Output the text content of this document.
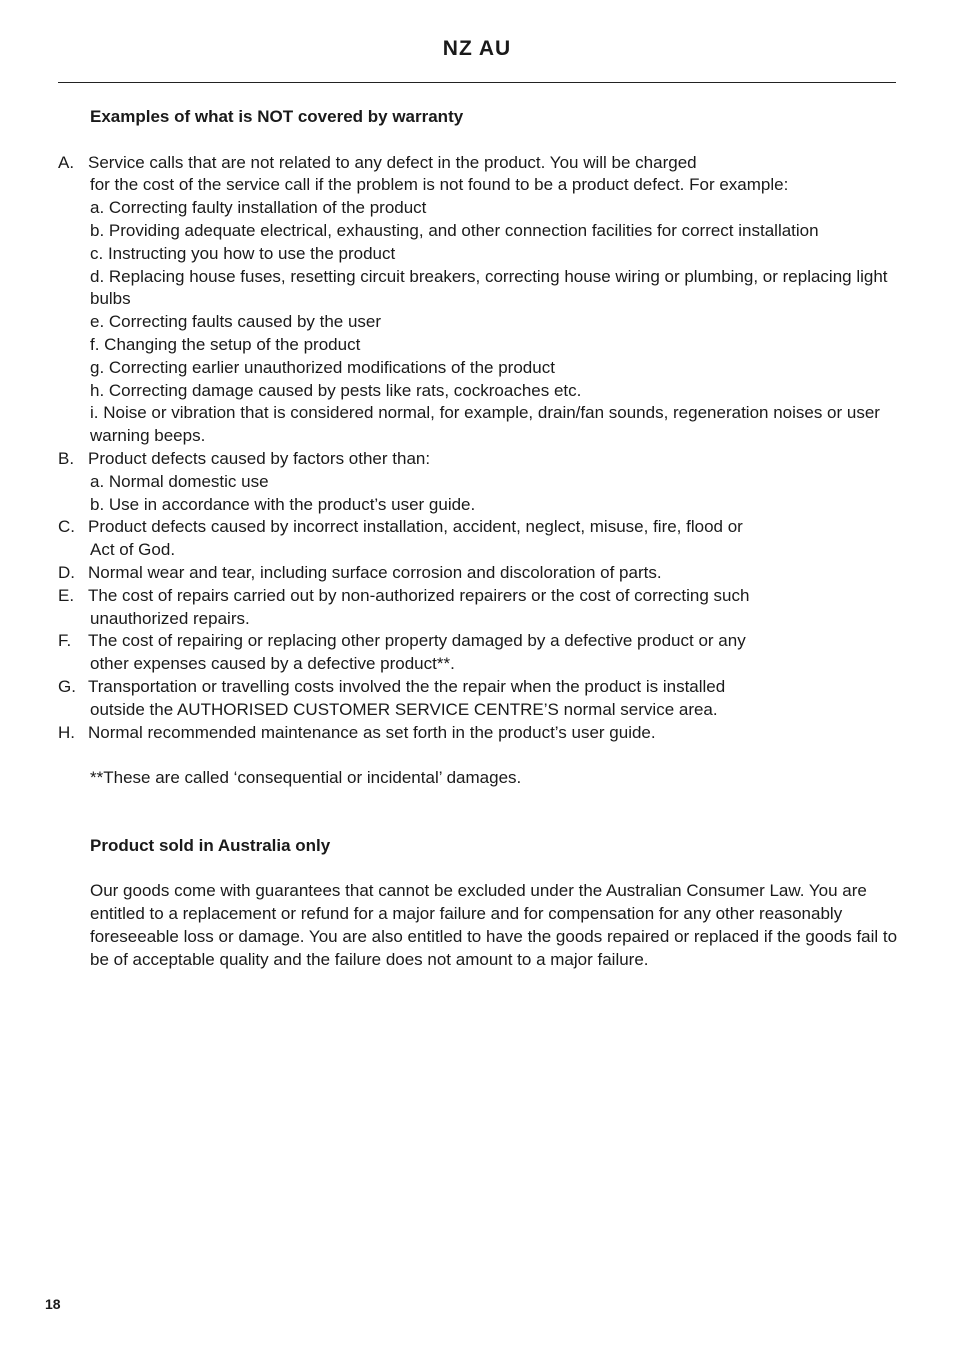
NZ AU

Examples of what is NOT covered by warranty

A. Service calls that are not related to any defect in the product. You will be charged
for the cost of the service call if the problem is not found to be a product defect. For example:

a. Correcting faulty installation of the product

b. Providing adequate electrical, exhausting, and other connection facilities for correct installation

c. Instructing you how to use the product

d. Replacing house fuses, resetting circuit breakers, correcting house wiring or plumbing, or replacing light bulbs

e. Correcting faults caused by the user

f. Changing the setup of the product

g. Correcting earlier unauthorized modifications of the product

h. Correcting damage caused by pests like rats, cockroaches etc.

i. Noise or vibration that is considered normal, for example, drain/fan sounds, regeneration noises or user warning beeps.

B. Product defects caused by factors other than:

a. Normal domestic use

b. Use in accordance with the product’s user guide.

C. Product defects caused by incorrect installation, accident, neglect, misuse, fire, flood or
Act of God.
D. Normal wear and tear, including surface corrosion and discoloration of parts.
E. The cost of repairs carried out by non-authorized repairers or the cost of correcting such
unauthorized repairs.
F. The cost of repairing or replacing other property damaged by a defective product or any
other expenses caused by a defective product**.
G. Transportation or travelling costs involved the the repair when the product is installed
outside the AUTHORISED CUSTOMER SERVICE CENTRE’S normal service area.
H. Normal recommended maintenance as set forth in the product’s user guide.

**These are called ‘consequential or incidental’ damages.

Product sold in Australia only

Our goods come with guarantees that cannot be excluded under the Australian Consumer Law. You are entitled to a replacement or refund for a major failure and for compensation for any other reasonably foreseeable loss or damage. You are also entitled to have the goods repaired or replaced if the goods fail to be of acceptable quality and the failure does not amount to a major failure.

18
